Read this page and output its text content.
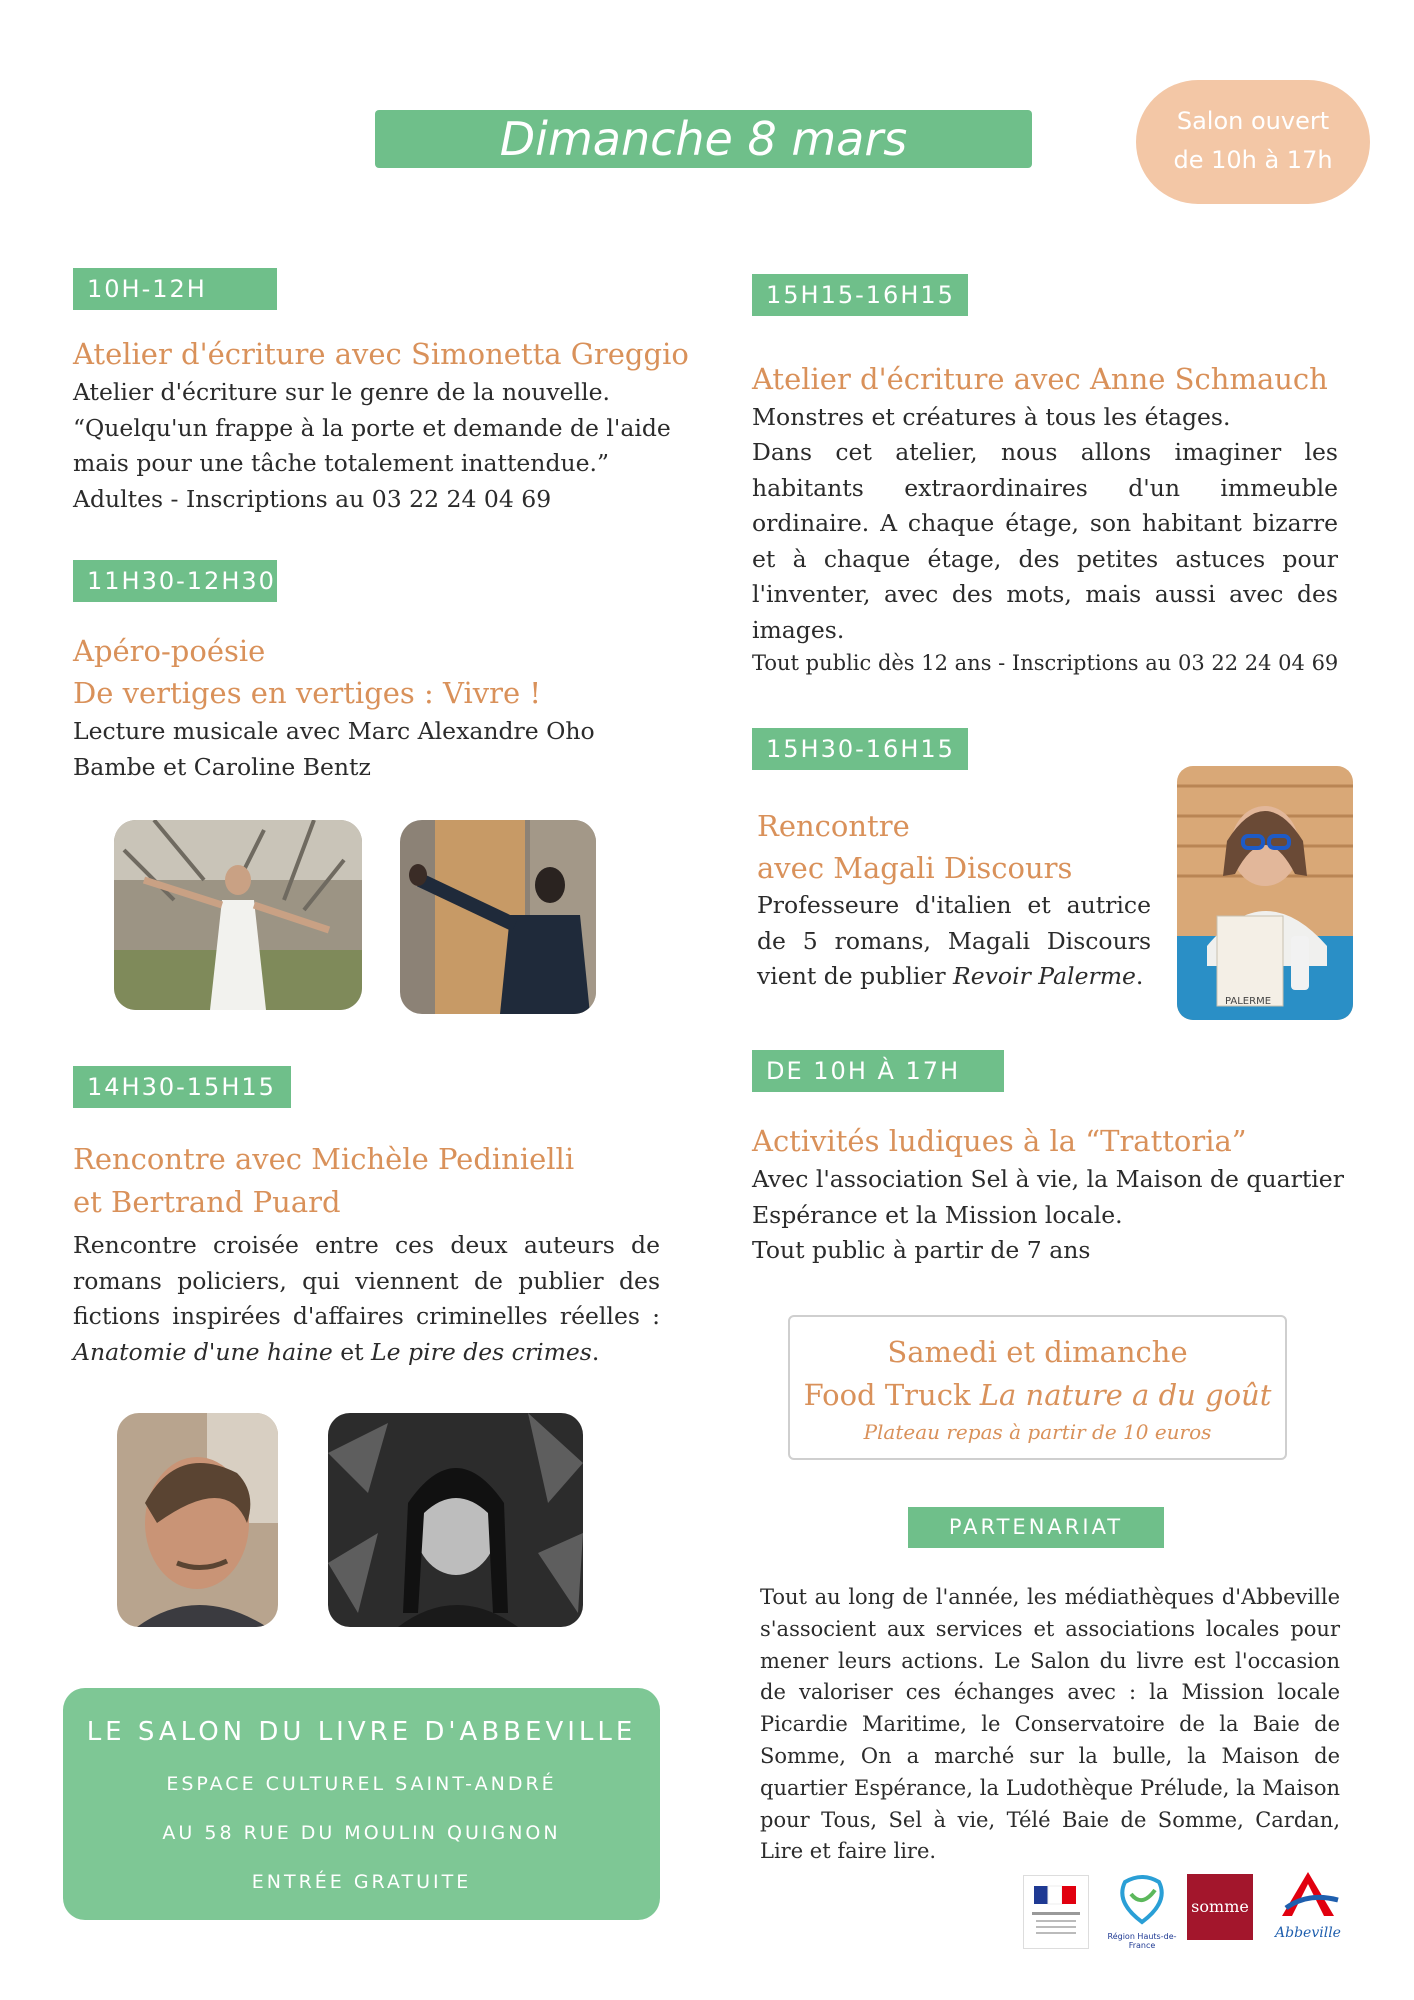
Dimanche 8 mars	Salon ouvert
de 10h à 17h
10H-12H
Atelier d'écriture avec Simonetta Greggio
Atelier d'écriture sur le genre de la nouvelle.
“Quelqu'un frappe à la porte et demande de l'aide
mais pour une tâche totalement inattendue.”
Adultes - Inscriptions au 03 22 24 04 69
11H30-12H30
Apéro-poésie
De vertiges en vertiges : Vivre !
Lecture musicale avec Marc Alexandre Oho
Bambe et Caroline Bentz
14H30-15H15
Rencontre avec Michèle Pedinielli
et Bertrand Puard

Rencontre croisée entre ces deux auteurs de romans policiers, qui viennent de publier des fictions inspirées d'affaires criminelles réelles : Anatomie d'une haine et Le pire des crimes.

LE SALON DU LIVRE D'ABBEVILLE
ESPACE CULTUREL SAINT-ANDRÉ
AU 58 RUE DU MOULIN QUIGNON
ENTRÉE GRATUITE
15H15-16H15
Atelier d'écriture avec Anne Schmauch
Monstres et créatures à tous les étages.

Dans cet atelier, nous allons imaginer les habitants extraordinaires d'un immeuble ordinaire. A chaque étage, son habitant bizarre et à chaque étage, des petites astuces pour l'inventer, avec des mots, mais aussi avec des images.

Tout public dès 12 ans - Inscriptions au 03 22 24 04 69
15H30-16H15
Rencontre
avec Magali Discours

Professeure d'italien et autrice de 5 romans, Magali Discours vient de publier Revoir Palerme.

PALERME
DE 10H À 17H
Activités ludiques à la “Trattoria”
Avec l'association Sel à vie, la Maison de quartier
Espérance et la Mission locale.
Tout public à partir de 7 ans
Samedi et dimanche
Food Truck La nature a du goût
Plateau repas à partir de 10 euros
PARTENARIAT

Tout au long de l'année, les médiathèques d'Abbeville s'associent aux services et associations locales pour mener leurs actions. Le Salon du livre est l'occasion de valoriser ces échanges avec : la Mission locale Picardie Maritime, le Conservatoire de la Baie de Somme, On a marché sur la bulle, la Maison de quartier Espérance, la Ludothèque Prélude, la Maison pour Tous, Sel à vie, Télé Baie de Somme, Cardan, Lire et faire lire.

Région Hauts-de-France
somme
Abbeville
